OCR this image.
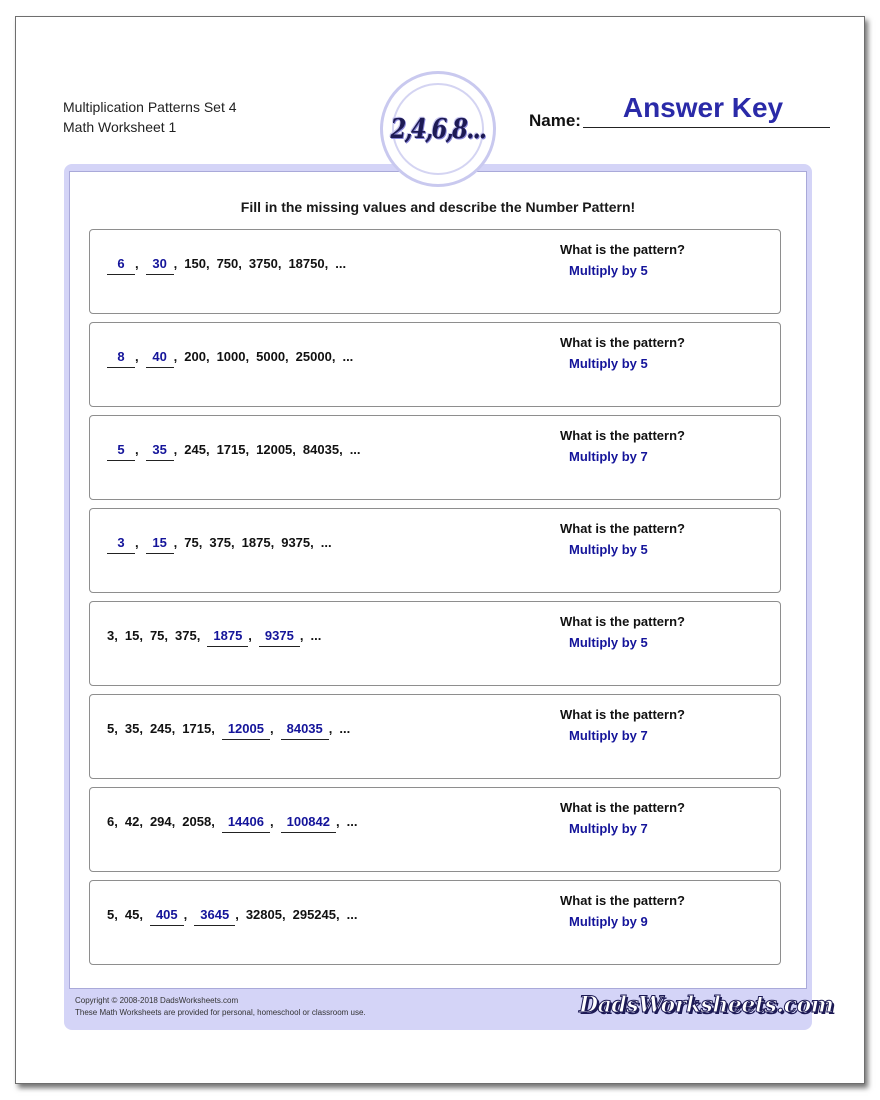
Multiplication Patterns Set 4
Math Worksheet 1	2,4,6,8...	Name:	Answer Key
Fill in the missing values and describe the Number Pattern!
6 , 30 , 150, 750, 3750, 18750, ...
What is the pattern?
Multiply by 5
8 , 40 , 200, 1000, 5000, 25000, ...
What is the pattern?
Multiply by 5
5 , 35 , 245, 1715, 12005, 84035, ...
What is the pattern?
Multiply by 7
3 , 15 , 75, 375, 1875, 9375, ...
What is the pattern?
Multiply by 5
3, 15, 75, 375, 1875 , 9375 , ...
What is the pattern?
Multiply by 5
5, 35, 245, 1715, 12005 , 84035 , ...
What is the pattern?
Multiply by 7
6, 42, 294, 2058, 14406 , 100842 , ...
What is the pattern?
Multiply by 7
5, 45, 405 , 3645 , 32805, 295245, ...
What is the pattern?
Multiply by 9
Copyright © 2008-2018 DadsWorksheets.com
These Math Worksheets are provided for personal, homeschool or classroom use.	DadsWorksheets.com
